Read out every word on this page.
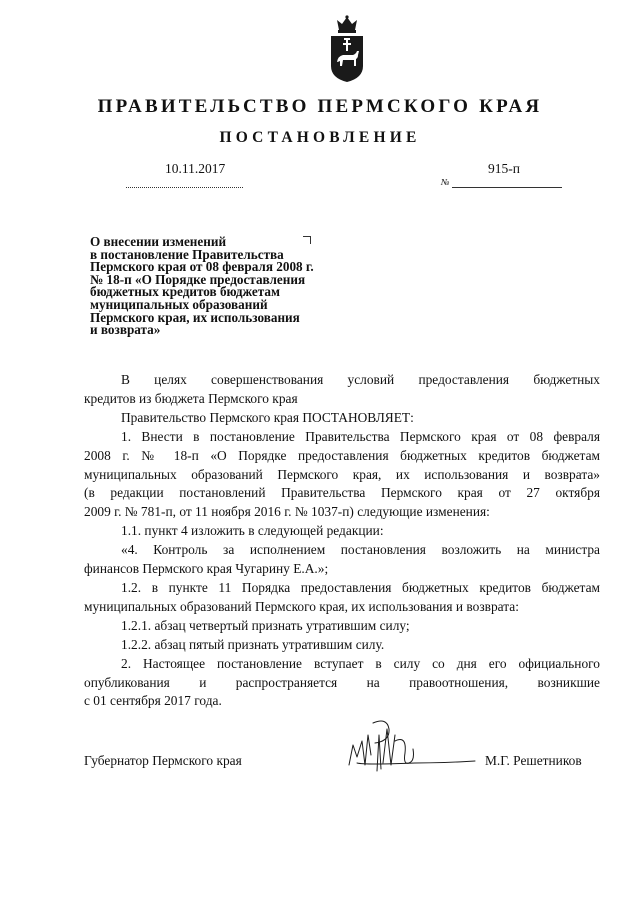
ПРАВИТЕЛЬСТВО ПЕРМСКОГО КРАЯ
ПОСТАНОВЛЕНИЕ
10.11.2017	915-п
№
О внесении изменений
в постановление Правительства
Пермского края от 08 февраля 2008 г.
№ 18-п «О Порядке предоставления
бюджетных кредитов бюджетам
муниципальных образований
Пермского края, их использования
и возврата»
В целях совершенствования условий предоставления бюджетных
кредитов из бюджета Пермского края
Правительство Пермского края ПОСТАНОВЛЯЕТ:
1. Внести в постановление Правительства Пермского края от 08 февраля
2008 г. № 18-п «О Порядке предоставления бюджетных кредитов бюджетам
муниципальных образований Пермского края, их использования и возврата»
(в редакции постановлений Правительства Пермского края от 27 октября
2009 г. № 781-п, от 11 ноября 2016 г. № 1037-п) следующие изменения:
1.1. пункт 4 изложить в следующей редакции:
«4. Контроль за исполнением постановления возложить на министра
финансов Пермского края Чугарину Е.А.»;
1.2. в пункте 11 Порядка предоставления бюджетных кредитов бюджетам
муниципальных образований Пермского края, их использования и возврата:
1.2.1. абзац четвертый признать утратившим силу;
1.2.2. абзац пятый признать утратившим силу.
2. Настоящее постановление вступает в силу со дня его официального
опубликования и распространяется на правоотношения, возникшие
с 01 сентября 2017 года.
Губернатор Пермского края	М.Г. Решетников
